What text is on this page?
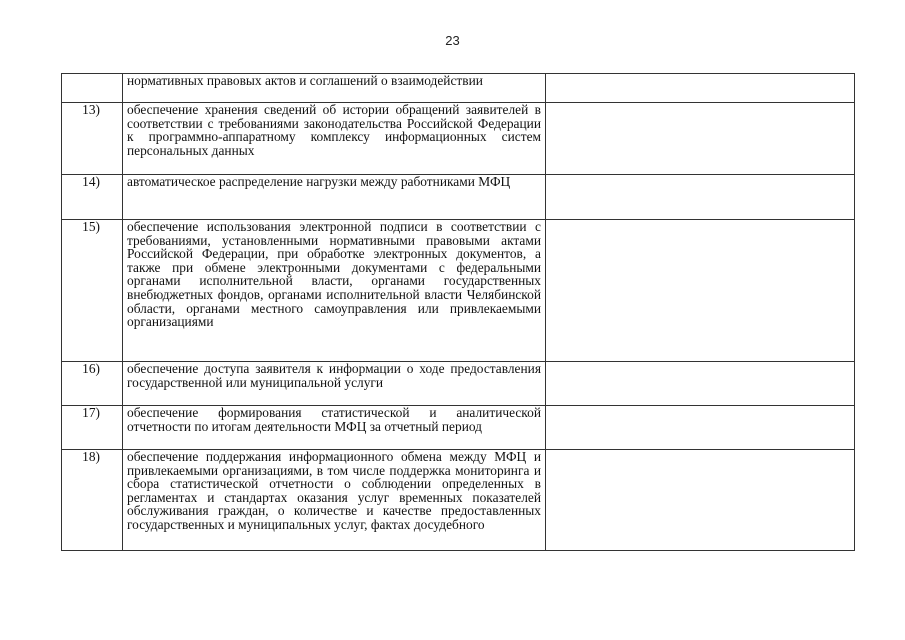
23
	нормативных правовых актов и соглашений о взаимодействии	
13)	обеспечение хранения сведений об истории обращений заявителей в соответствии с требованиями законодательства Российской Федерации к программно-аппаратному комплексу информационных систем персональных данных	
14)	автоматическое распределение нагрузки между работниками МФЦ	
15)	обеспечение использования электронной подписи в соответствии с требованиями, установленными нормативными правовыми актами Российской Федерации, при обработке электронных документов, а также при обмене электронными документами с федеральными органами исполнительной власти, органами государственных внебюджетных фондов, органами исполнительной власти Челябинской области, органами местного самоуправления или привлекаемыми организациями	
16)	обеспечение доступа заявителя к информации о ходе предоставления государственной или муниципальной услуги	
17)	обеспечение формирования статистической и аналитической отчетности по итогам деятельности МФЦ за отчетный период	
18)	обеспечение поддержания информационного обмена между МФЦ и привлекаемыми организациями, в том числе поддержка мониторинга и сбора статистической отчетности о соблюдении определенных в регламентах и стандартах оказания услуг временных показателей обслуживания граждан, о количестве и качестве предоставленных государственных и муниципальных услуг, фактах досудебного	
